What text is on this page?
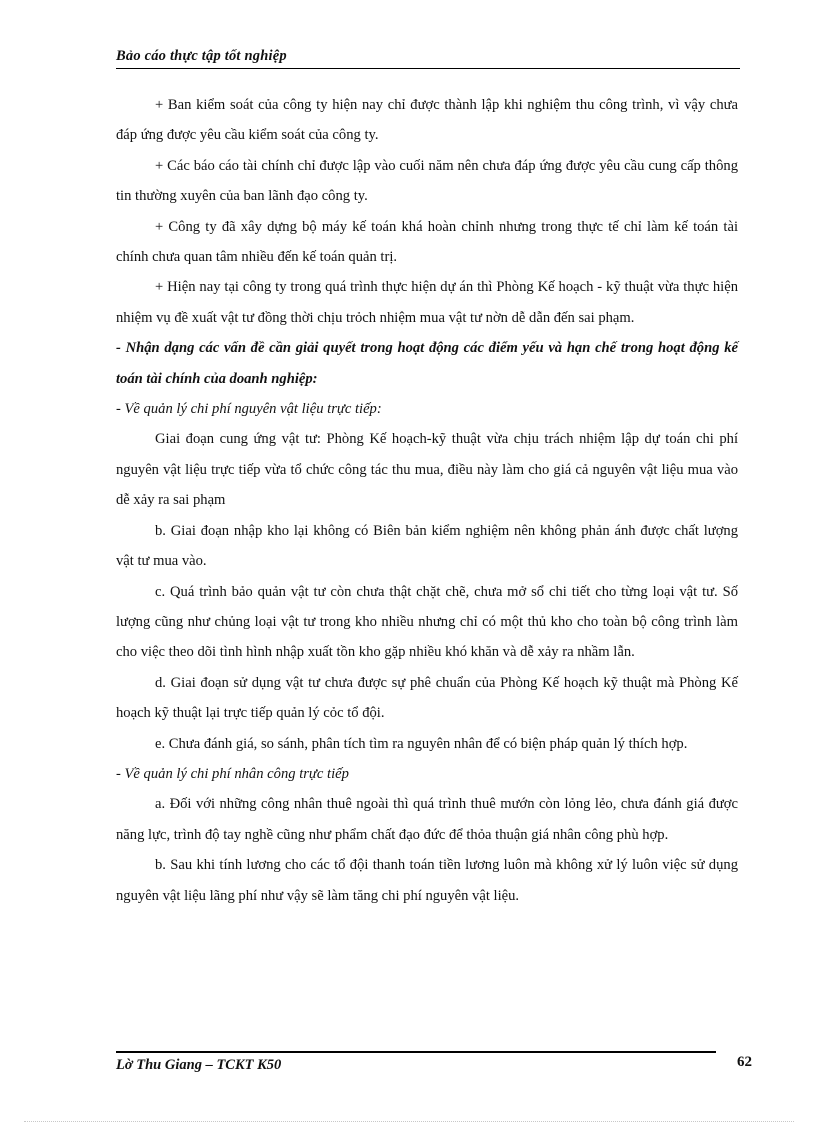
Bảo cáo thực tập tốt nghiệp

+ Ban kiểm soát của công ty hiện nay chỉ được thành lập khi nghiệm thu công trình, vì vậy chưa đáp ứng được yêu cầu kiểm soát của công ty.

+ Các báo cáo tài chính chỉ được lập vào cuối năm nên chưa đáp ứng được yêu cầu cung cấp thông tin thường xuyên của ban lãnh đạo công ty.

+ Công ty đã xây dựng bộ máy kế toán khá hoàn chỉnh nhưng trong thực tế chỉ làm kế toán tài chính chưa quan tâm nhiều đến kế toán quản trị.

+ Hiện nay tại công ty trong quá trình thực hiện dự án thì Phòng Kế hoạch - kỹ thuật vừa thực hiện nhiệm vụ đề xuất vật tư đồng thời chịu trỏch nhiệm mua vật tư nờn dễ dẫn đến sai phạm.

- Nhận dạng các vấn đề cần giải quyết trong hoạt động các điểm yếu và hạn chế trong hoạt động kế toán tài chính của doanh nghiệp:

- Về quản lý chi phí nguyên vật liệu trực tiếp:

Giai đoạn cung ứng vật tư: Phòng Kế hoạch-kỹ thuật vừa chịu trách nhiệm lập dự toán chi phí nguyên vật liệu trực tiếp vừa tổ chức công tác thu mua, điều này làm cho giá cả nguyên vật liệu mua vào dễ xảy ra sai phạm

b. Giai đoạn nhập kho lại không có Biên bản kiểm nghiệm nên không phản ánh được chất lượng vật tư mua vào.

c. Quá trình bảo quản vật tư còn chưa thật chặt chẽ, chưa mở sổ chi tiết cho từng loại vật tư. Số lượng cũng như chủng loại vật tư trong kho nhiều nhưng chỉ có một thủ kho cho toàn bộ công trình làm cho việc theo dõi tình hình nhập xuất tồn kho gặp nhiều khó khăn và dễ xảy ra nhầm lẫn.

d. Giai đoạn sử dụng vật tư chưa được sự phê chuẩn của Phòng Kế hoạch kỹ thuật mà Phòng Kế hoạch kỹ thuật lại trực tiếp quản lý cỏc tổ đội.

e. Chưa đánh giá, so sánh, phân tích tìm ra nguyên nhân để có biện pháp quản lý thích hợp.

- Về quản lý chi phí nhân công trực tiếp

a. Đối với những công nhân thuê ngoài thì quá trình thuê mướn còn lỏng lẻo, chưa đánh giá được năng lực, trình độ tay nghề cũng như phẩm chất đạo đức để thỏa thuận giá nhân công phù hợp.

b. Sau khi tính lương cho các tổ đội thanh toán tiền lương luôn mà không xử lý luôn việc sử dụng nguyên vật liệu lãng phí như vậy sẽ làm tăng chi phí nguyên vật liệu.

Lờ Thu Giang – TCKT K50	62
